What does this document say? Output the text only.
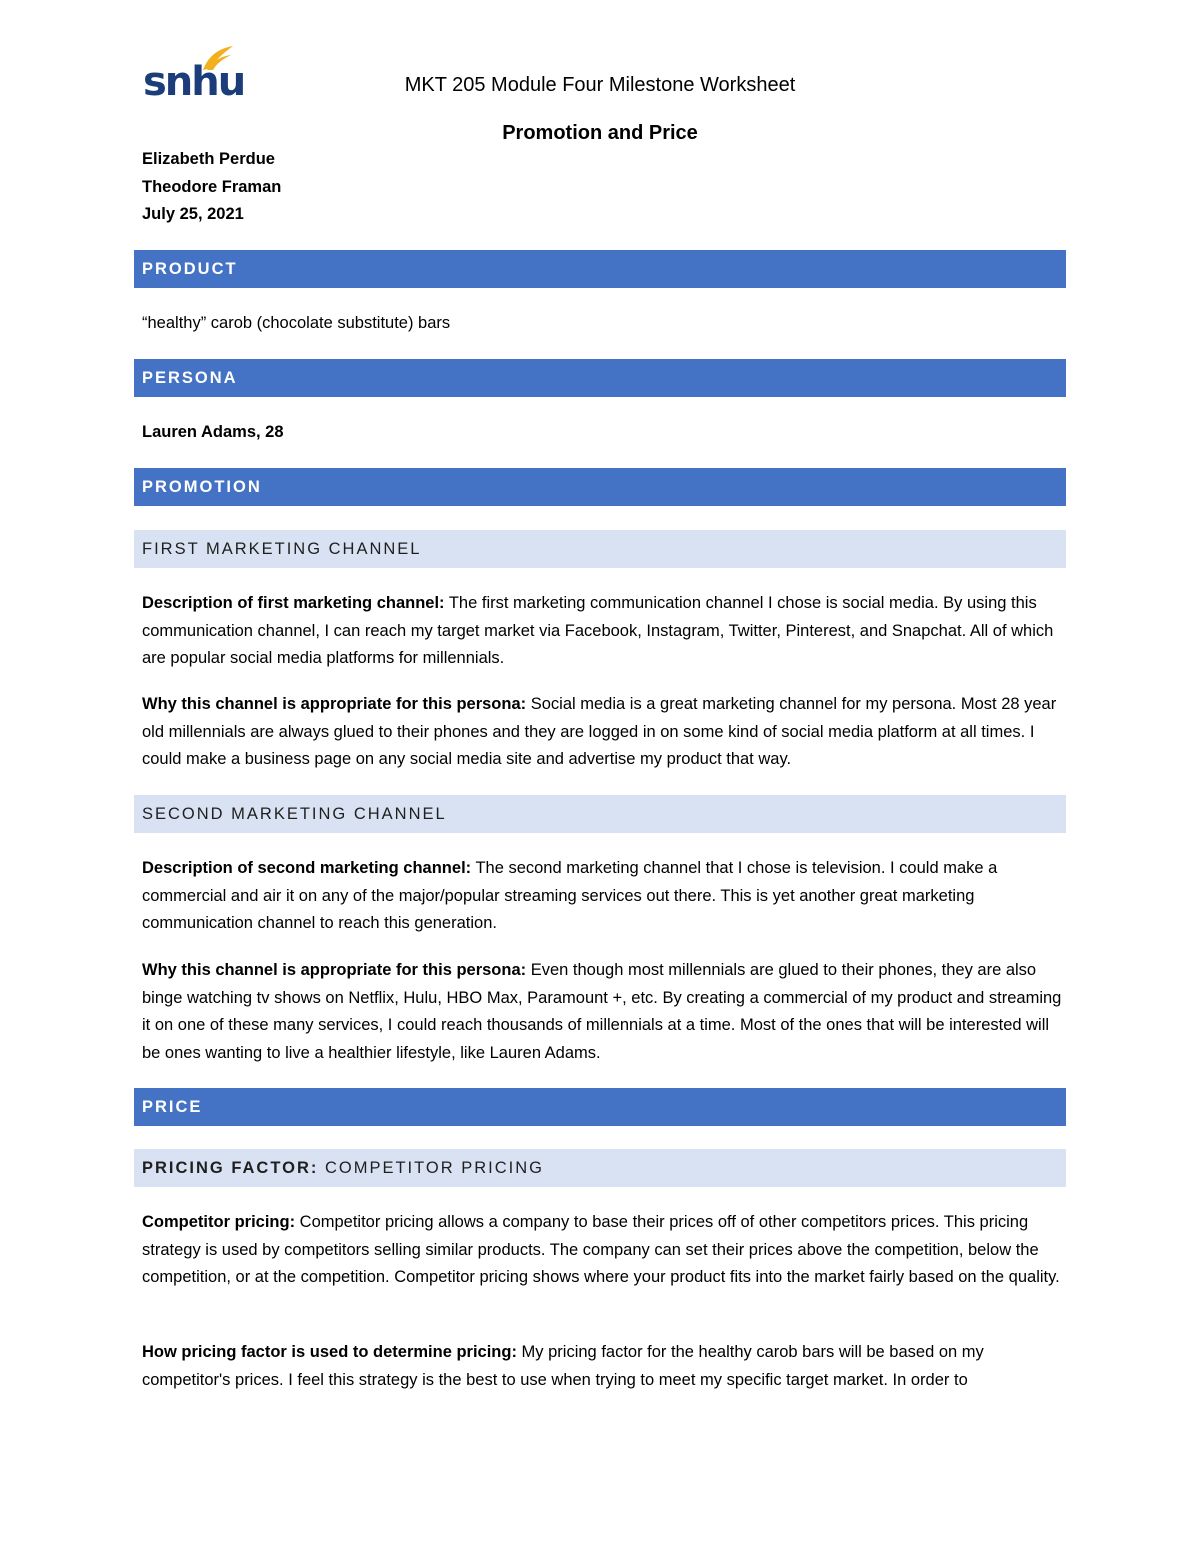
snhu	MKT 205 Module Four Milestone Worksheet
Promotion and Price
Elizabeth Perdue
Theodore Framan
July 25, 2021
PRODUCT
“healthy” carob (chocolate substitute) bars
PERSONA
Lauren Adams, 28
PROMOTION
FIRST MARKETING CHANNEL
Description of first marketing channel: The first marketing communication channel I chose is social media. By using this communication channel, I can reach my target market via Facebook, Instagram, Twitter, Pinterest, and Snapchat. All of which are popular social media platforms for millennials.
Why this channel is appropriate for this persona: Social media is a great marketing channel for my persona. Most 28 year old millennials are always glued to their phones and they are logged in on some kind of social media platform at all times. I could make a business page on any social media site and advertise my product that way.
SECOND MARKETING CHANNEL
Description of second marketing channel: The second marketing channel that I chose is television. I could make a commercial and air it on any of the major/popular streaming services out there. This is yet another great marketing communication channel to reach this generation.
Why this channel is appropriate for this persona: Even though most millennials are glued to their phones, they are also binge watching tv shows on Netflix, Hulu, HBO Max, Paramount +, etc. By creating a commercial of my product and streaming it on one of these many services, I could reach thousands of millennials at a time. Most of the ones that will be interested will be ones wanting to live a healthier lifestyle, like Lauren Adams.
PRICE
PRICING FACTOR: COMPETITOR PRICING
Competitor pricing: Competitor pricing allows a company to base their prices off of other competitors prices. This pricing strategy is used by competitors selling similar products. The company can set their prices above the competition, below the competition, or at the competition. Competitor pricing shows where your product fits into the market fairly based on the quality.
How pricing factor is used to determine pricing: My pricing factor for the healthy carob bars will be based on my competitor's prices. I feel this strategy is the best to use when trying to meet my specific target market. In order to
